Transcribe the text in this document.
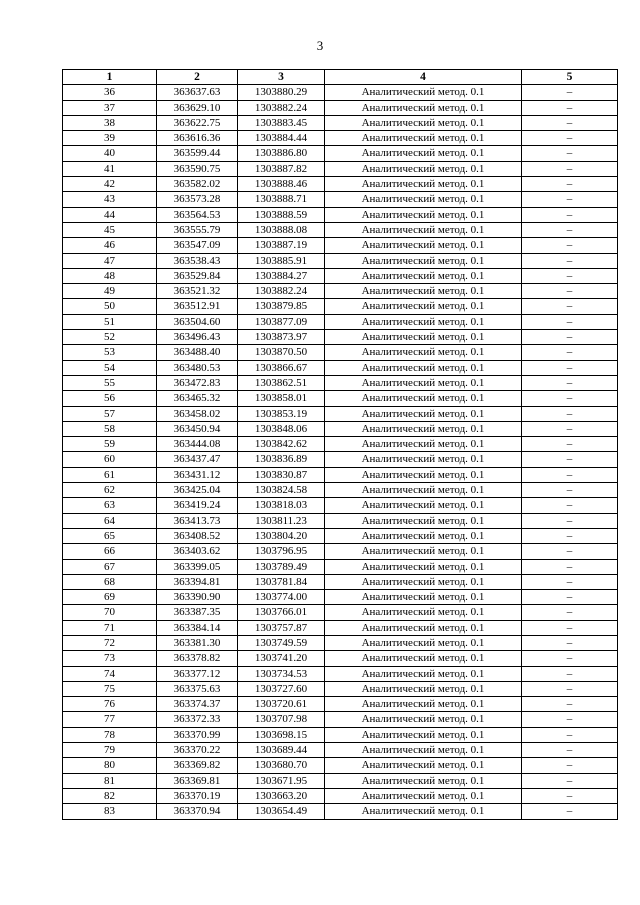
3
1	2	3	4	5
36	363637.63	1303880.29	Аналитический метод. 0.1	–
37	363629.10	1303882.24	Аналитический метод. 0.1	–
38	363622.75	1303883.45	Аналитический метод. 0.1	–
39	363616.36	1303884.44	Аналитический метод. 0.1	–
40	363599.44	1303886.80	Аналитический метод. 0.1	–
41	363590.75	1303887.82	Аналитический метод. 0.1	–
42	363582.02	1303888.46	Аналитический метод. 0.1	–
43	363573.28	1303888.71	Аналитический метод. 0.1	–
44	363564.53	1303888.59	Аналитический метод. 0.1	–
45	363555.79	1303888.08	Аналитический метод. 0.1	–
46	363547.09	1303887.19	Аналитический метод. 0.1	–
47	363538.43	1303885.91	Аналитический метод. 0.1	–
48	363529.84	1303884.27	Аналитический метод. 0.1	–
49	363521.32	1303882.24	Аналитический метод. 0.1	–
50	363512.91	1303879.85	Аналитический метод. 0.1	–
51	363504.60	1303877.09	Аналитический метод. 0.1	–
52	363496.43	1303873.97	Аналитический метод. 0.1	–
53	363488.40	1303870.50	Аналитический метод. 0.1	–
54	363480.53	1303866.67	Аналитический метод. 0.1	–
55	363472.83	1303862.51	Аналитический метод. 0.1	–
56	363465.32	1303858.01	Аналитический метод. 0.1	–
57	363458.02	1303853.19	Аналитический метод. 0.1	–
58	363450.94	1303848.06	Аналитический метод. 0.1	–
59	363444.08	1303842.62	Аналитический метод. 0.1	–
60	363437.47	1303836.89	Аналитический метод. 0.1	–
61	363431.12	1303830.87	Аналитический метод. 0.1	–
62	363425.04	1303824.58	Аналитический метод. 0.1	–
63	363419.24	1303818.03	Аналитический метод. 0.1	–
64	363413.73	1303811.23	Аналитический метод. 0.1	–
65	363408.52	1303804.20	Аналитический метод. 0.1	–
66	363403.62	1303796.95	Аналитический метод. 0.1	–
67	363399.05	1303789.49	Аналитический метод. 0.1	–
68	363394.81	1303781.84	Аналитический метод. 0.1	–
69	363390.90	1303774.00	Аналитический метод. 0.1	–
70	363387.35	1303766.01	Аналитический метод. 0.1	–
71	363384.14	1303757.87	Аналитический метод. 0.1	–
72	363381.30	1303749.59	Аналитический метод. 0.1	–
73	363378.82	1303741.20	Аналитический метод. 0.1	–
74	363377.12	1303734.53	Аналитический метод. 0.1	–
75	363375.63	1303727.60	Аналитический метод. 0.1	–
76	363374.37	1303720.61	Аналитический метод. 0.1	–
77	363372.33	1303707.98	Аналитический метод. 0.1	–
78	363370.99	1303698.15	Аналитический метод. 0.1	–
79	363370.22	1303689.44	Аналитический метод. 0.1	–
80	363369.82	1303680.70	Аналитический метод. 0.1	–
81	363369.81	1303671.95	Аналитический метод. 0.1	–
82	363370.19	1303663.20	Аналитический метод. 0.1	–
83	363370.94	1303654.49	Аналитический метод. 0.1	–
